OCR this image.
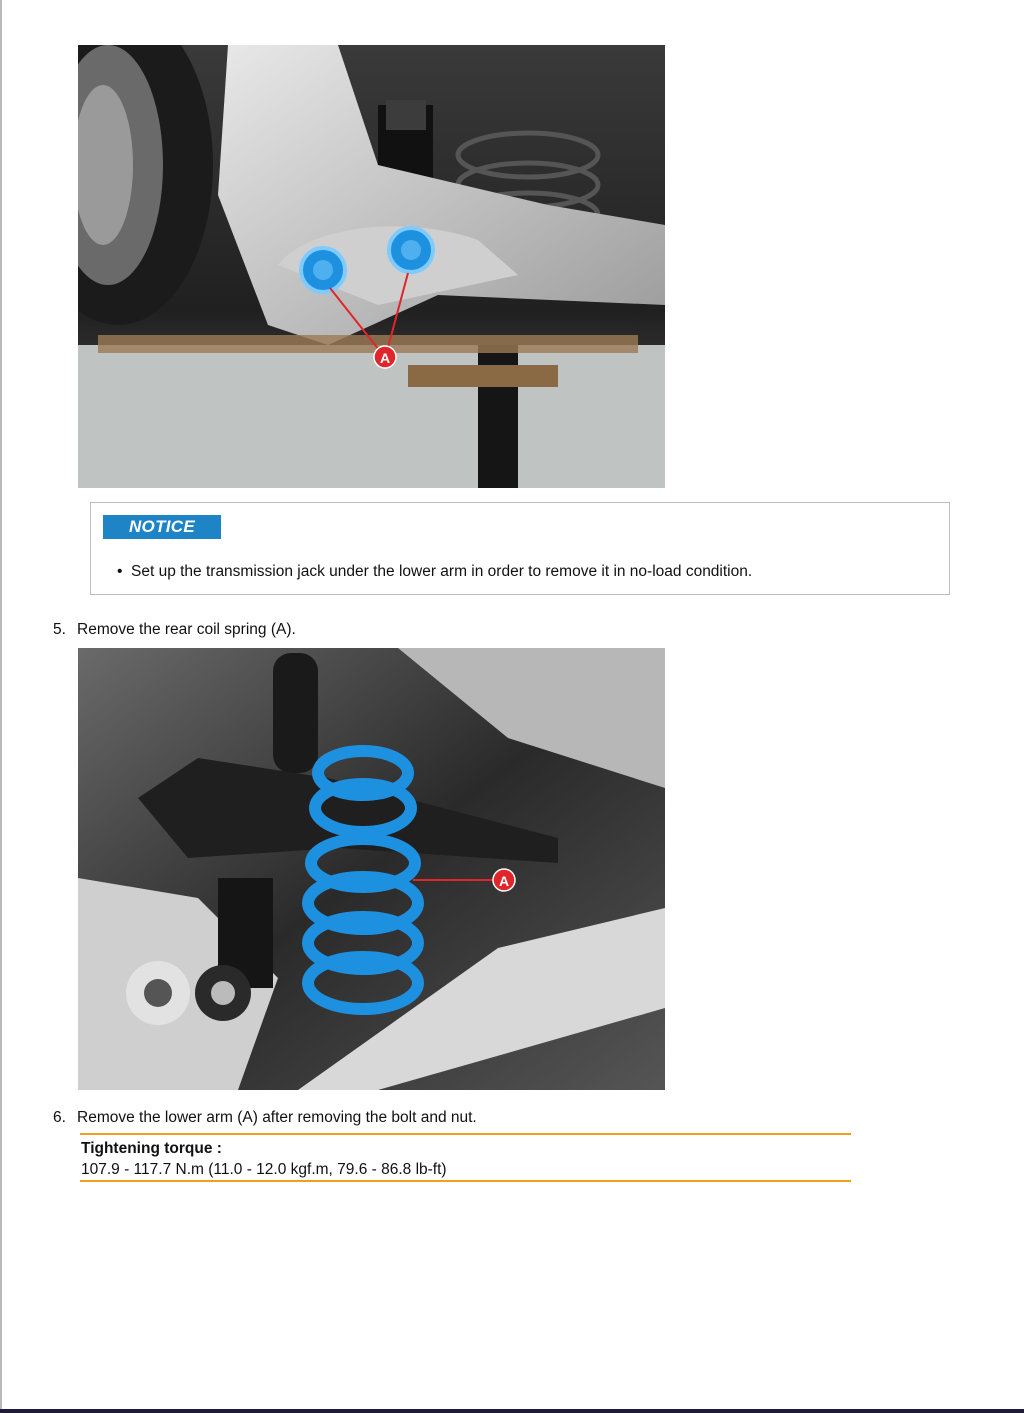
A
NOTICE
• Set up the transmission jack under the lower arm in order to remove it in no-load condition.
5. Remove the rear coil spring (A).
A
6. Remove the lower arm (A) after removing the bolt and nut.
Tightening torque :
107.9 - 117.7 N.m (11.0 - 12.0 kgf.m, 79.6 - 86.8 lb-ft)
